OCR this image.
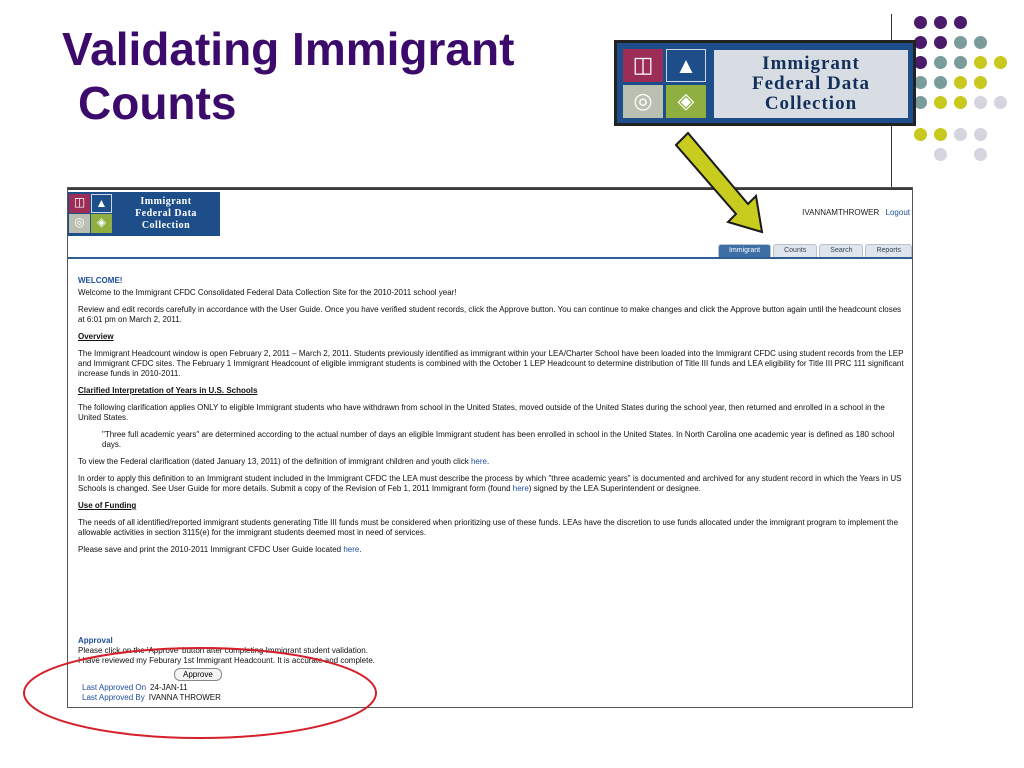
Validating Immigrant
Counts
◫ ▲
◎	◈
Immigrant
Federal Data
Collection
◫ ▲
◎	◈
Immigrant
Federal Data
Collection
IVANNAMTHROWER Logout
Immigrant	Counts	Search	Reports

WELCOME!

Welcome to the Immigrant CFDC Consolidated Federal Data Collection Site for the 2010-2011 school year!

Review and edit records carefully in accordance with the User Guide. Once you have verified student records, click the Approve button. You can continue to make changes and click the Approve button again until the headcount closes at 6:01 pm on March 2, 2011.

Overview

The Immigrant Headcount window is open February 2, 2011 – March 2, 2011. Students previously identified as immigrant within your LEA/Charter School have been loaded into the Immigrant CFDC using student records from the LEP and Immigrant CFDC sites. The February 1 Immigrant Headcount of eligible immigrant students is combined with the October 1 LEP Headcount to determine distribution of Title III funds and LEA eligibility for Title III PRC 111 significant increase funds in 2010-2011.

Clarified Interpretation of Years in U.S. Schools

The following clarification applies ONLY to eligible Immigrant students who have withdrawn from school in the United States, moved outside of the United States during the school year, then returned and enrolled in a school in the United States.

"Three full academic years" are determined according to the actual number of days an eligible Immigrant student has been enrolled in school in the United States. In North Carolina one academic year is defined as 180 school days.

To view the Federal clarification (dated January 13, 2011) of the definition of immigrant children and youth click here.

In order to apply this definition to an Immigrant student included in the Immigrant CFDC the LEA must describe the process by which "three academic years" is documented and archived for any student record in which the Years in US Schools is changed. See User Guide for more details. Submit a copy of the Revision of Feb 1, 2011 Immigrant form (found here) signed by the LEA Superintendent or designee.

Use of Funding

The needs of all identified/reported immigrant students generating Title III funds must be considered when prioritizing use of these funds. LEAs have the discretion to use funds allocated under the immigrant program to implement the allowable activities in section 3115(e) for the immigrant students deemed most in need of services.

Please save and print the 2010-2011 Immigrant CFDC User Guide located here.

Approval
Please click on the 'Approve' button after completing Immigrant student validation.
I have reviewed my Feburary 1st Immigrant Headcount. It is accurate and complete.
Approve
Last Approved On 24-JAN-11
Last Approved By IVANNA THROWER
